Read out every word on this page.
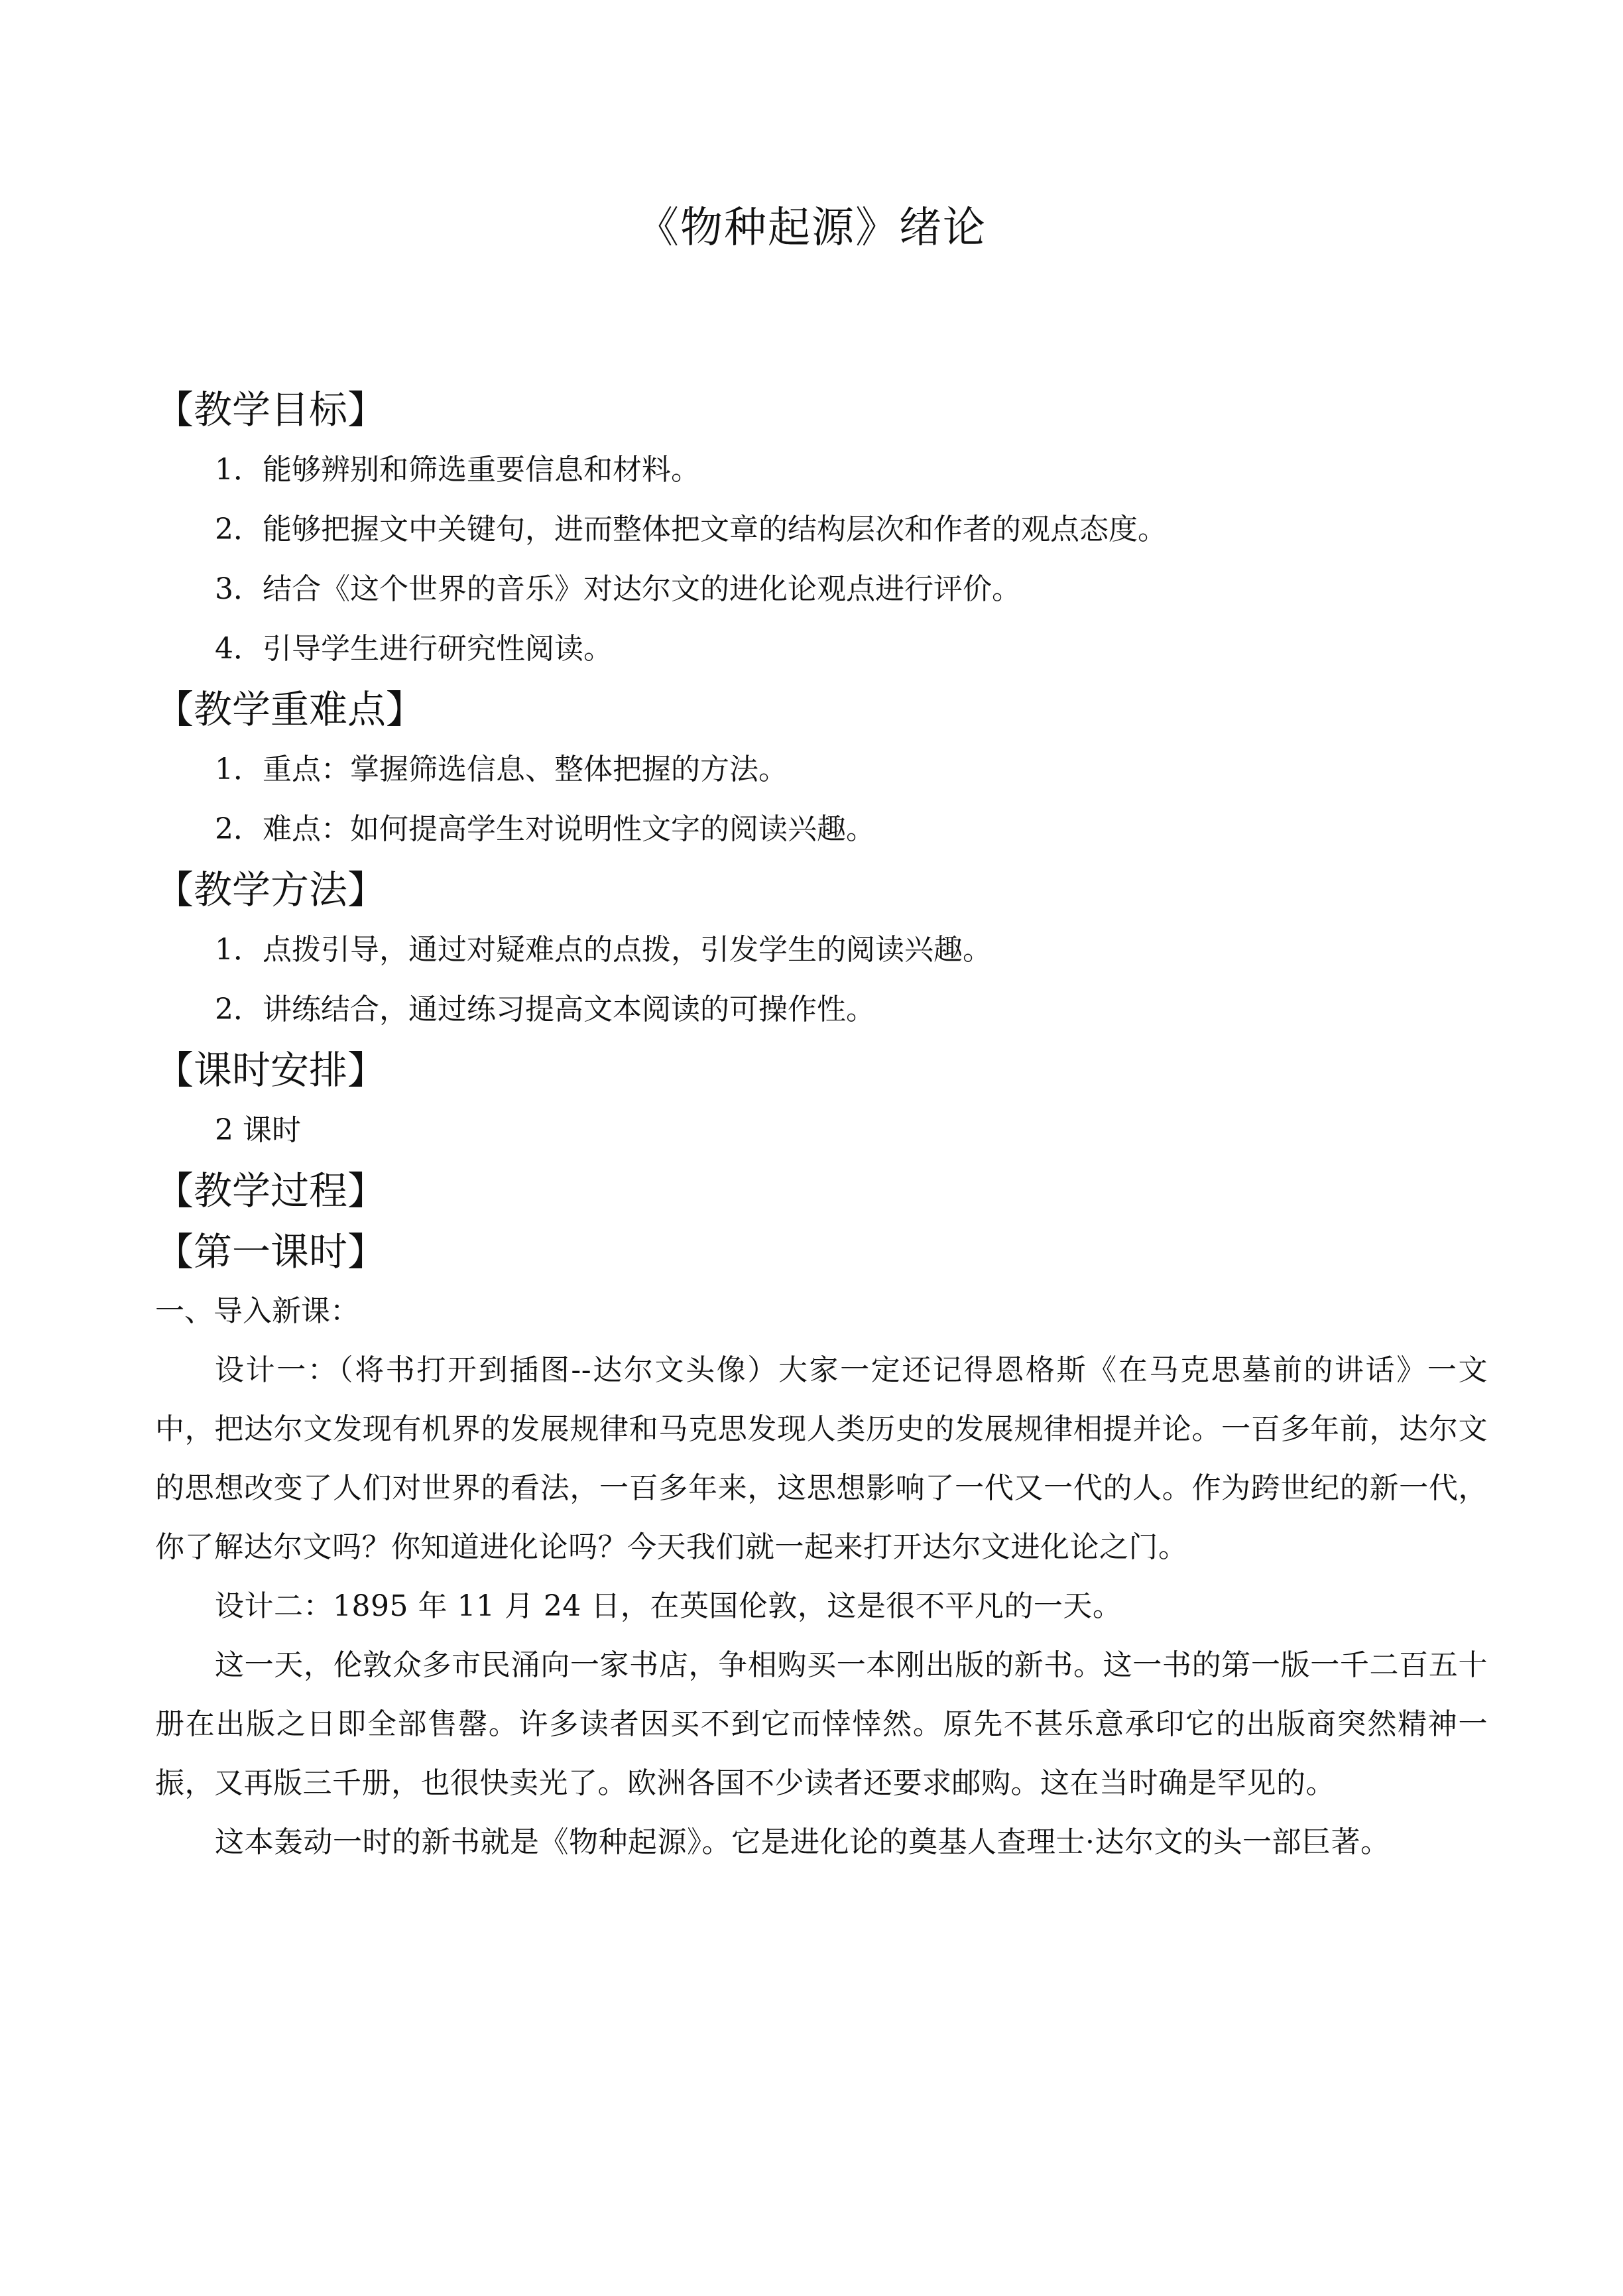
《物种起源》绪论
【教学目标】
1．能够辨别和筛选重要信息和材料。
2．能够把握文中关键句，进而整体把文章的结构层次和作者的观点态度。
3．结合《这个世界的音乐》对达尔文的进化论观点进行评价。
4．引导学生进行研究性阅读。
【教学重难点】
1．重点：掌握筛选信息、整体把握的方法。
2．难点：如何提高学生对说明性文字的阅读兴趣。
【教学方法】
1．点拨引导，通过对疑难点的点拨，引发学生的阅读兴趣。
2．讲练结合，通过练习提高文本阅读的可操作性。
【课时安排】
2 课时
【教学过程】
【第一课时】
一、导入新课：

设计一：（将书打开到插图--达尔文头像）大家一定还记得恩格斯《在马克思墓前的讲话》一文中，把达尔文发现有机界的发展规律和马克思发现人类历史的发展规律相提并论。一百多年前，达尔文的思想改变了人们对世界的看法，一百多年来，这思想影响了一代又一代的人。作为跨世纪的新一代，你了解达尔文吗？你知道进化论吗？今天我们就一起来打开达尔文进化论之门。

设计二：1895 年 11 月 24 日，在英国伦敦，这是很不平凡的一天。

这一天，伦敦众多市民涌向一家书店，争相购买一本刚出版的新书。这一书的第一版一千二百五十册在出版之日即全部售罄。许多读者因买不到它而悻悻然。原先不甚乐意承印它的出版商突然精神一振，又再版三千册，也很快卖光了。欧洲各国不少读者还要求邮购。这在当时确是罕见的。

这本轰动一时的新书就是《物种起源》。它是进化论的奠基人查理士·达尔文的头一部巨著。
